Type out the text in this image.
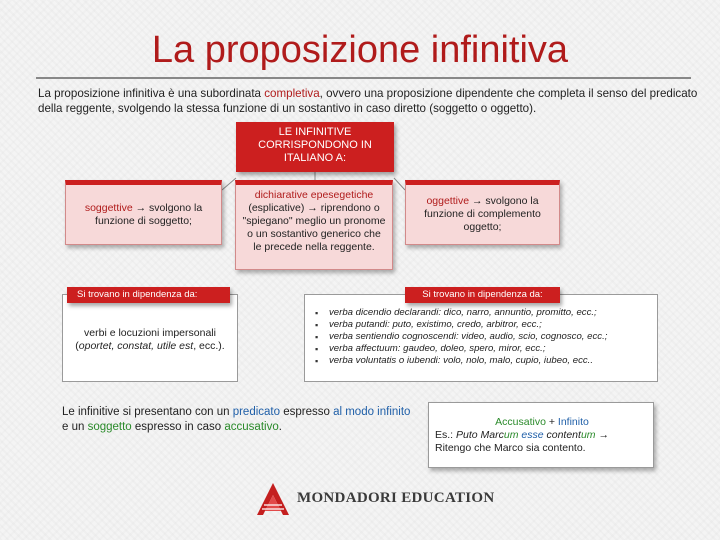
La proposizione infinitiva
La proposizione infinitiva è una subordinata completiva, ovvero una proposizione dipendente che completa il senso del predicato della reggente, svolgendo la stessa funzione di un sostantivo in caso diretto (soggetto o oggetto).
LE INFINITIVE CORRISPONDONO IN ITALIANO A:
soggettive → svolgono la funzione di soggetto;
dichiarative epesegetiche (esplicative) → riprendono o "spiegano" meglio un pronome o un sostantivo generico che le precede nella reggente.
oggettive → svolgono la funzione di complemento oggetto;
verbi e locuzioni impersonali
(oportet, constat, utile est, ecc.).
Si trovano in dipendenza da:
▪ verba dicendio declarandi: dico, narro, annuntio, promitto, ecc.;
▪ verba putandi: puto, existimo, credo, arbitror, ecc.;
▪ verba sentiendio cognoscendi: video, audio, scio, cognosco, ecc.;
▪ verba affectuum: gaudeo, doleo, spero, miror, ecc.;
▪ verba voluntatis o iubendi: volo, nolo, malo, cupio, iubeo, ecc..
Si trovano in dipendenza da:
Le infinitive si presentano con un predicato espresso al modo infinito e un soggetto espresso in caso accusativo.	Accusativo + Infinito
Es.: Puto Marcum esse contentum →
Ritengo che Marco sia contento.
MONDADORI EDUCATION
